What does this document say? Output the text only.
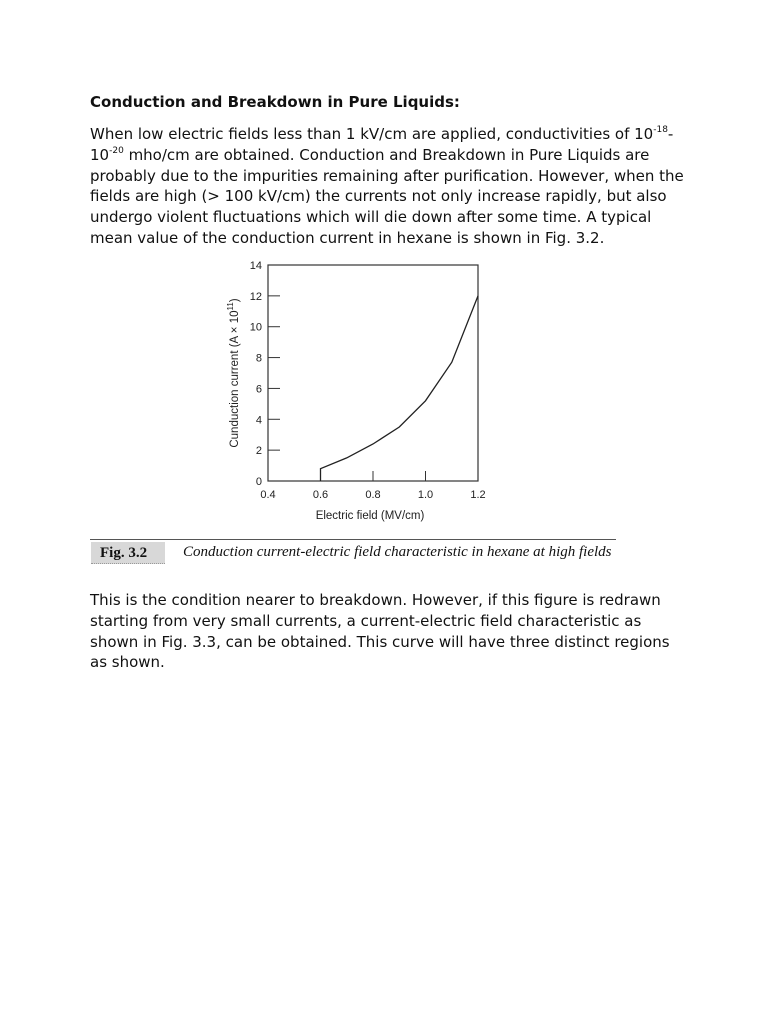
Conduction and Breakdown in Pure Liquids:

When low electric fields less than 1 kV/cm are applied, conductivities of $10^{-18}-$ $10^{-20}$ mho/cm are obtained. Conduction and Breakdown in Pure Liquids are probably due to the impurities remaining after purification. However, when the fields are high (> 100 kV/cm) the currents not only increase rapidly, but also undergo violent fluctuations which will die down after some time. A typical mean value of the conduction current in hexane is shown in Fig. 3.2.

0
2
4
6
8
10
12
14
0.4	0.6	0.8	1.0	1.2
Electric field (MV/cm)
Cunduction current $(A \times 10^{11})$
Fig. 3.2	Conduction current-electric field characteristic in hexane at high fields

This is the condition nearer to breakdown. However, if this figure is redrawn starting from very small currents, a current-electric field characteristic as shown in Fig. 3.3, can be obtained. This curve will have three distinct regions as shown.
